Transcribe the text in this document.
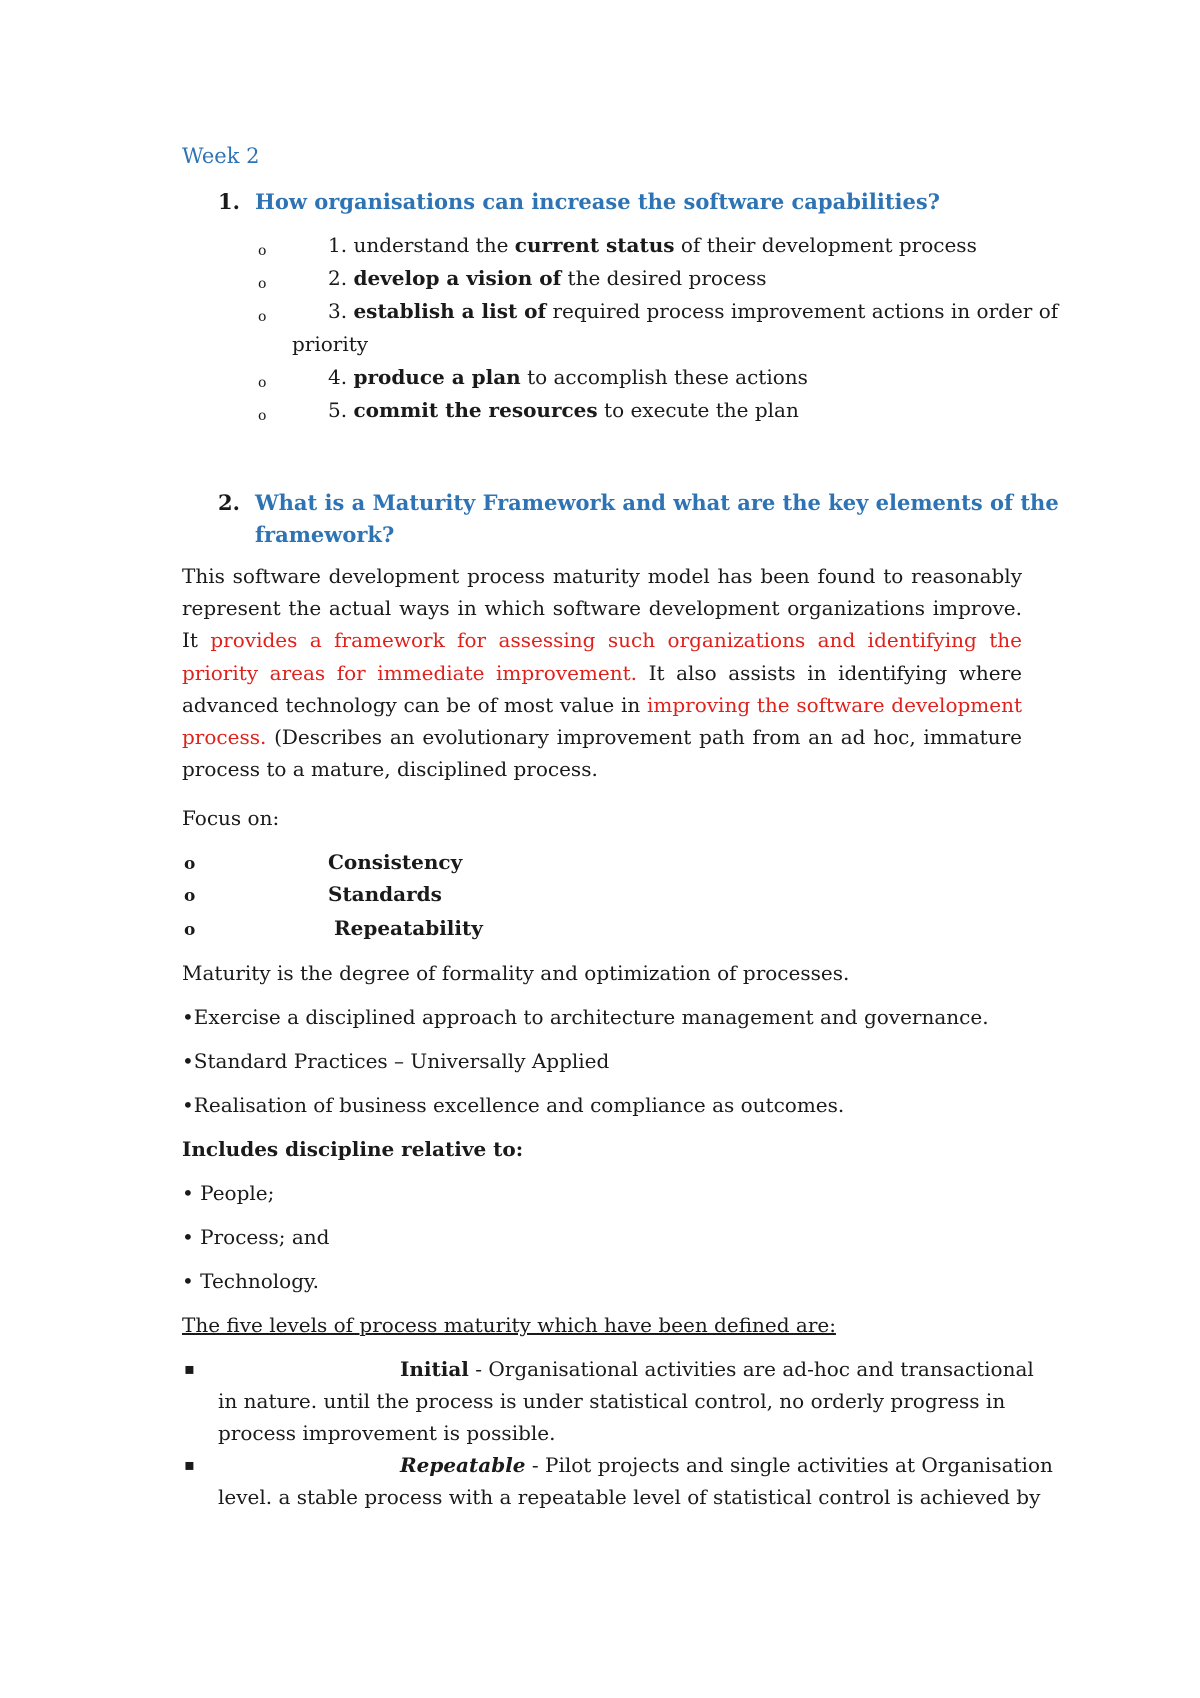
Week 2
1. How organisations can increase the software capabilities?
o	1. understand the current status of their development process
o	2. develop a vision of the desired process
o	3. establish a list of required process improvement actions in order of
priority
o	4. produce a plan to accomplish these actions
o	5. commit the resources to execute the plan
2. What is a Maturity Framework and what are the key elements of the
framework?
This software development process maturity model has been found to reasonably represent the actual ways in which software development organizations improve. It provides a framework for assessing such organizations and identifying the priority areas for immediate improvement. It also assists in identifying where advanced technology can be of most value in improving the software development process. (Describes an evolutionary improvement path from an ad hoc, immature process to a mature, disciplined process.
Focus on:
o	Consistency
o	Standards
o	Repeatability
Maturity is the degree of formality and optimization of processes.
•Exercise a disciplined approach to architecture management and governance.
•Standard Practices – Universally Applied
•Realisation of business excellence and compliance as outcomes.
Includes discipline relative to:
• People;
• Process; and
• Technology.
The five levels of process maturity which have been defined are:
▪	Initial - Organisational activities are ad-hoc and transactional
in nature. until the process is under statistical control, no orderly progress in
process improvement is possible.
▪	Repeatable - Pilot projects and single activities at Organisation
level. a stable process with a repeatable level of statistical control is achieved by
